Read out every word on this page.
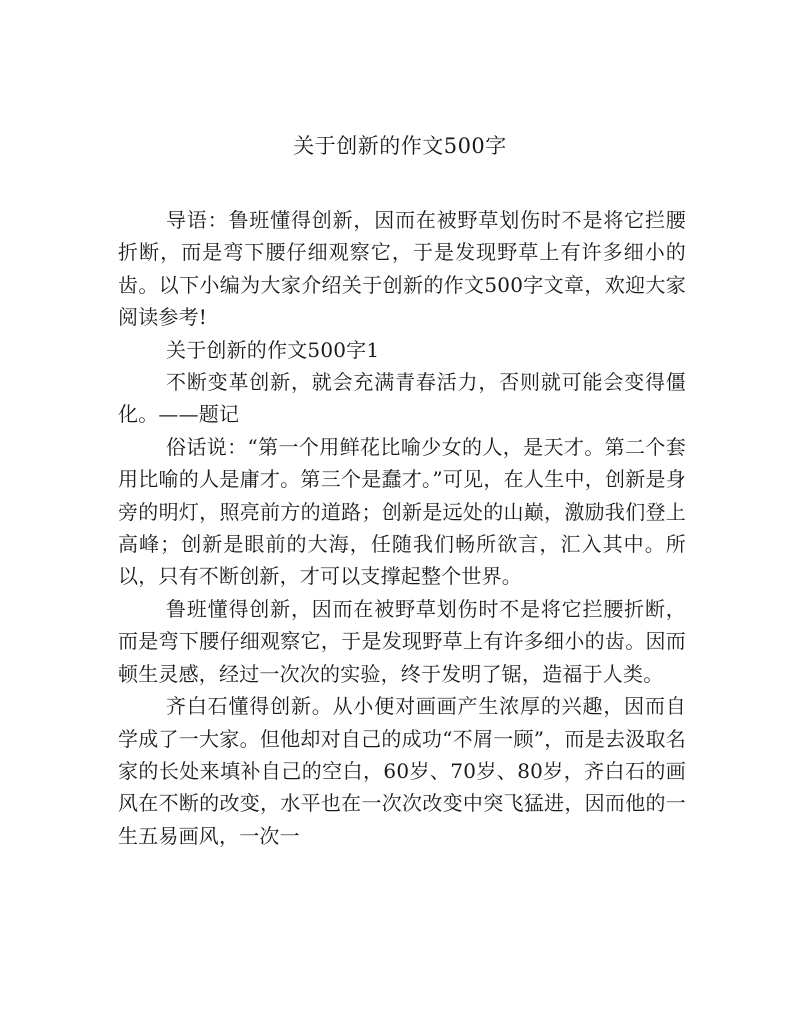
关于创新的作文500字

导语：鲁班懂得创新，因而在被野草划伤时不是将它拦腰折断，而是弯下腰仔细观察它，于是发现野草上有许多细小的齿。以下小编为大家介绍关于创新的作文500字文章，欢迎大家阅读参考!

关于创新的作文500字1

不断变革创新，就会充满青春活力，否则就可能会变得僵化。——题记

俗话说：“第一个用鲜花比喻少女的人，是天才。第二个套用比喻的人是庸才。第三个是蠢才。”可见，在人生中，创新是身旁的明灯，照亮前方的道路；创新是远处的山巅，激励我们登上高峰；创新是眼前的大海，任随我们畅所欲言，汇入其中。所以，只有不断创新，才可以支撑起整个世界。

鲁班懂得创新，因而在被野草划伤时不是将它拦腰折断，而是弯下腰仔细观察它，于是发现野草上有许多细小的齿。因而顿生灵感，经过一次次的实验，终于发明了锯，造福于人类。

齐白石懂得创新。从小便对画画产生浓厚的兴趣，因而自学成了一大家。但他却对自己的成功“不屑一顾”，而是去汲取名家的长处来填补自己的空白，60岁、70岁、80岁，齐白石的画风在不断的改变，水平也在一次次改变中突飞猛进，因而他的一生五易画风，一次一
